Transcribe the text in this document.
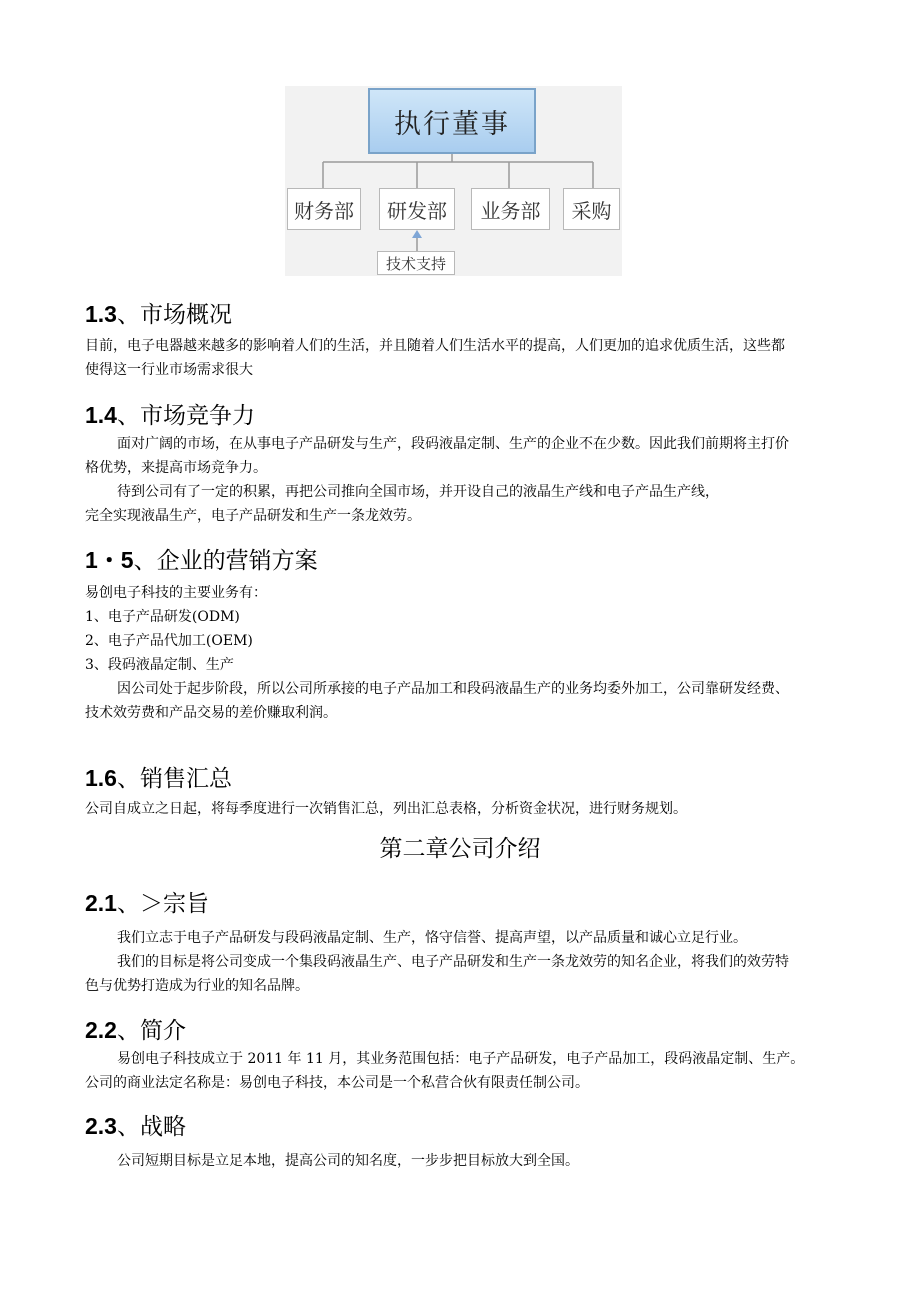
执行董事
财务部	研发部	业务部	采购
技术支持
1.3、市场概况
目前，电子电器越来越多的影响着人们的生活，并且随着人们生活水平的提高，人们更加的追求优质生活，这些都
使得这一行业市场需求很大
1.4、市场竞争力
面对广阔的市场，在从事电子产品研发与生产，段码液晶定制、生产的企业不在少数。因此我们前期将主打价
格优势，来提高市场竞争力。
待到公司有了一定的积累，再把公司推向全国市场，并开设自己的液晶生产线和电子产品生产线，
完全实现液晶生产，电子产品研发和生产一条龙效劳。
1・5、企业的营销方案
易创电子科技的主要业务有：
1、电子产品研发(ODM)
2、电子产品代加工(OEM)
3、段码液晶定制、生产
因公司处于起步阶段，所以公司所承接的电子产品加工和段码液晶生产的业务均委外加工，公司靠研发经费、
技术效劳费和产品交易的差价赚取利润。
1.6、销售汇总
公司自成立之日起，将每季度进行一次销售汇总，列出汇总表格，分析资金状况，进行财务规划。
第二章公司介绍
2.1、＞宗旨
我们立志于电子产品研发与段码液晶定制、生产，恪守信誉、提高声望，以产品质量和诚心立足行业。
我们的目标是将公司变成一个集段码液晶生产、电子产品研发和生产一条龙效劳的知名企业，将我们的效劳特
色与优势打造成为行业的知名品牌。
2.2、简介
易创电子科技成立于 2011 年 11 月，其业务范围包括：电子产品研发，电子产品加工，段码液晶定制、生产。
公司的商业法定名称是：易创电子科技，本公司是一个私营合伙有限责任制公司。
2.3、战略
公司短期目标是立足本地，提高公司的知名度，一步步把目标放大到全国。
